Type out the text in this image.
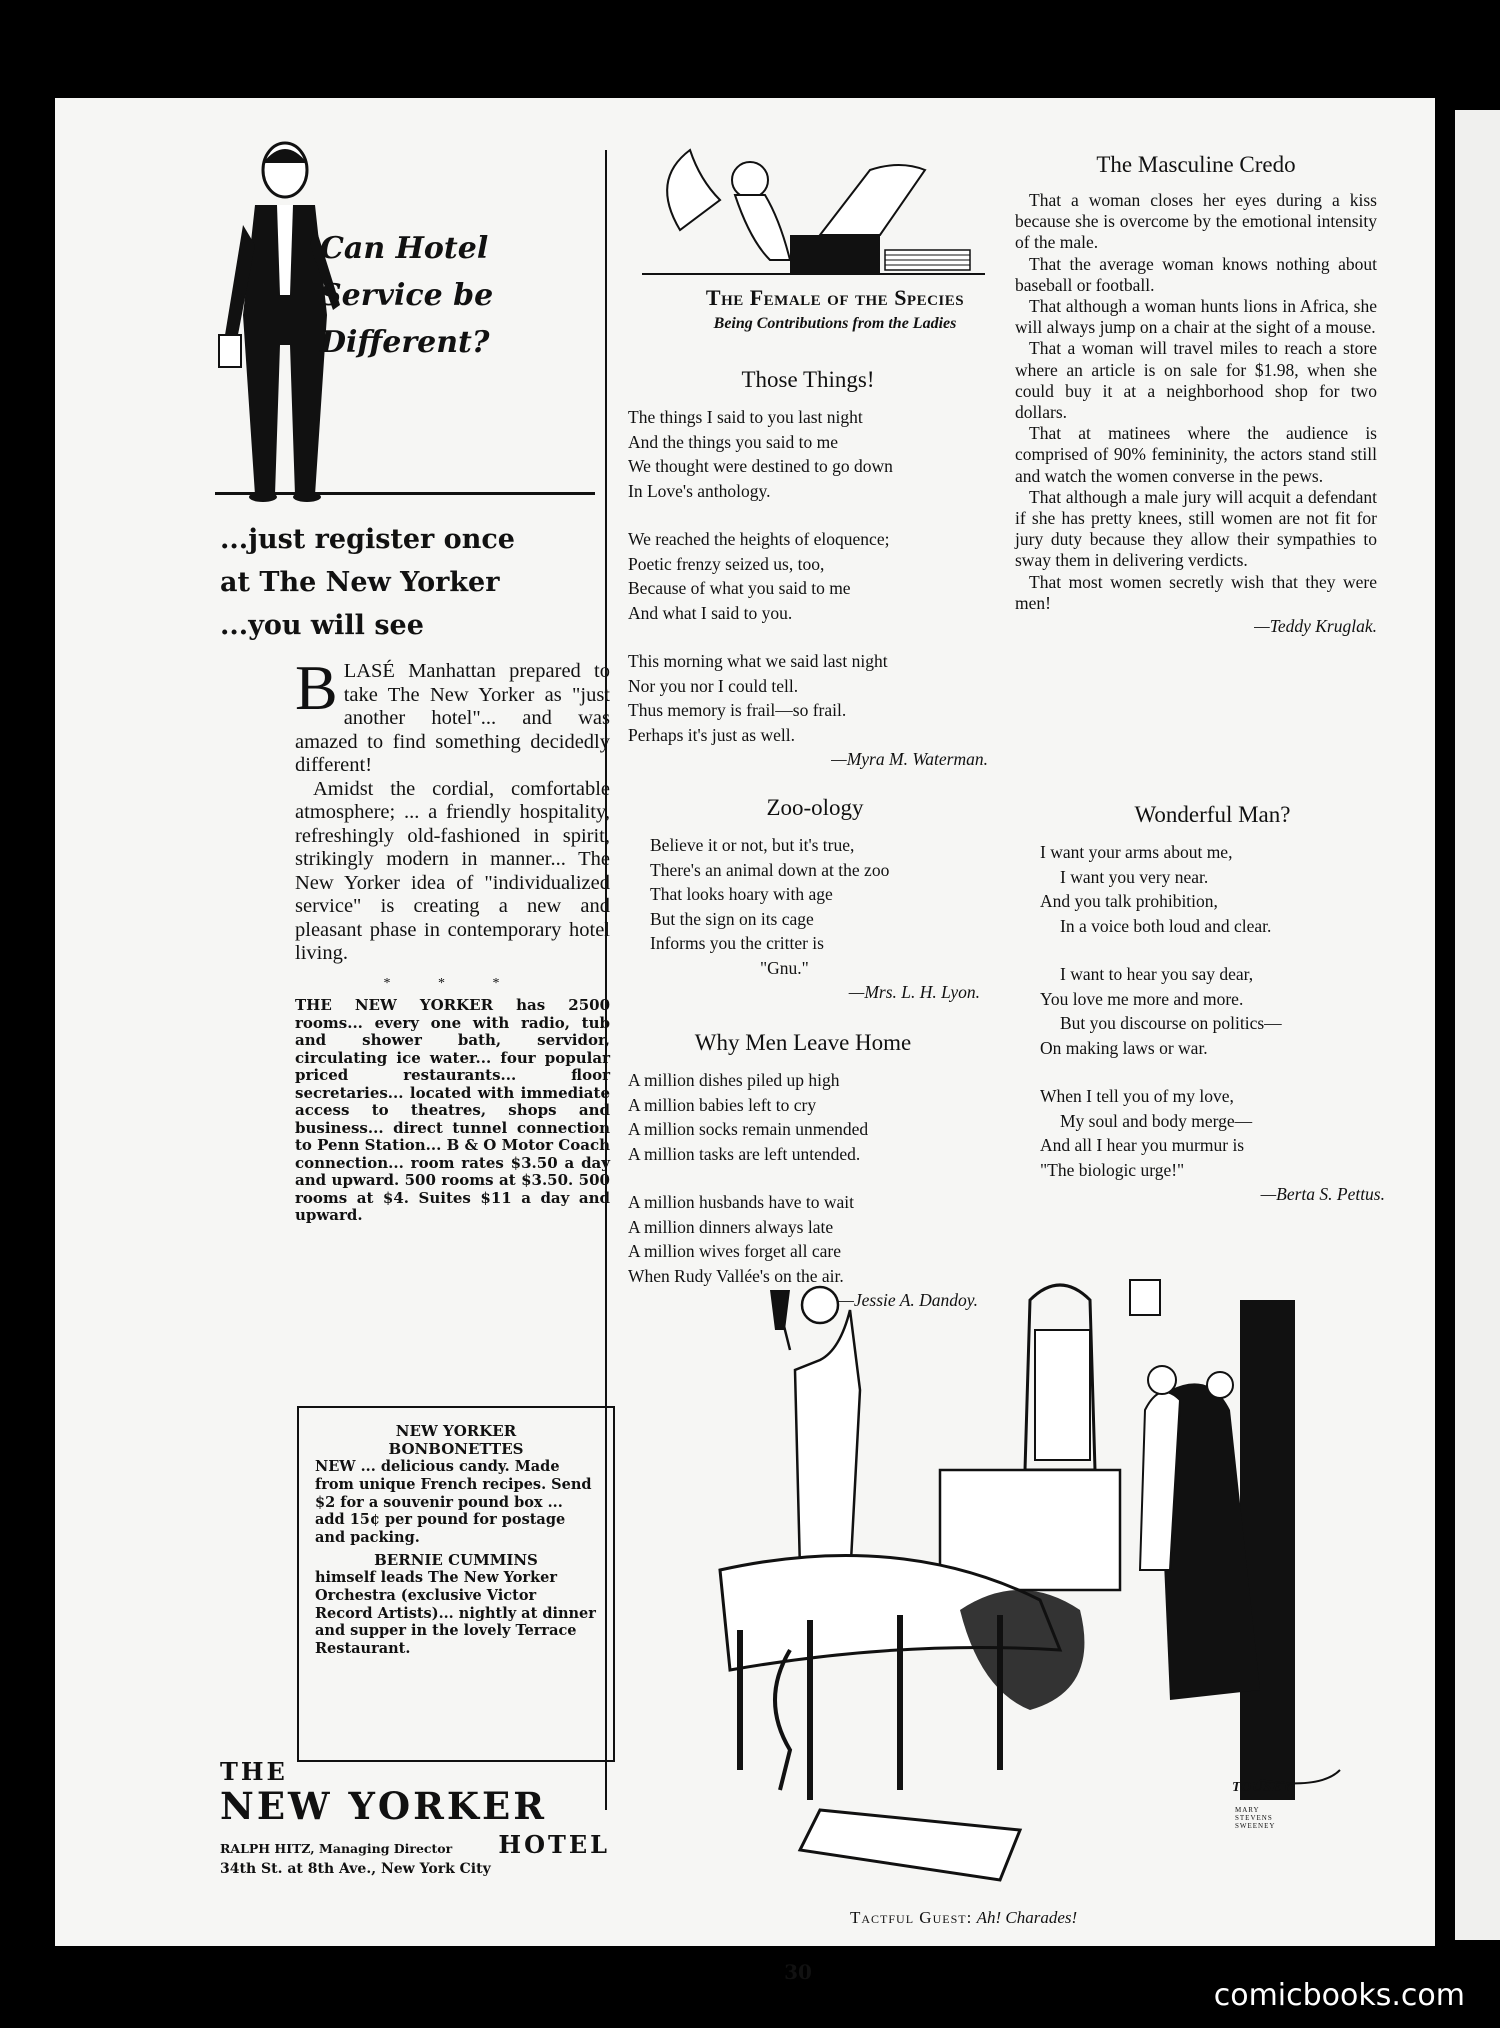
Can Hotel
Service be
Different?
...just register once
at The New Yorker
...you will see

BLASÉ Manhattan prepared to take The New Yorker as "just another hotel"... and was amazed to find something decidedly different!

Amidst the cordial, comfortable atmosphere; ... a friendly hospitality, refreshingly old-fashioned in spirit, strikingly modern in manner... The New Yorker idea of "individualized service" is creating a new and pleasant phase in contemporary hotel living.

* * *

THE NEW YORKER has 2500 rooms... every one with radio, tub and shower bath, servidor, circulating ice water... four popular priced restaurants... floor secretaries... located with immediate access to theatres, shops and business... direct tunnel connection to Penn Station... B & O Motor Coach connection... room rates $3.50 a day and upward. 500 rooms at $3.50. 500 rooms at $4. Suites $11 a day and upward.

NEW YORKER
BONBONETTES
NEW ... delicious candy. Made from unique French recipes. Send $2 for a souvenir pound box ... add 15¢ per pound for postage and packing.
BERNIE CUMMINS
himself leads The New Yorker Orchestra (exclusive Victor Record Artists)... nightly at dinner and supper in the lovely Terrace Restaurant.
THE
NEW YORKER
RALPH HITZ, Managing Director HOTEL
34th St. at 8th Ave., New York City
The Female of the Species
Being Contributions from the Ladies
Those Things!
The things I said to you last night
And the things you said to me
We thought were destined to go down
In Love's anthology.
We reached the heights of eloquence;
Poetic frenzy seized us, too,
Because of what you said to me
And what I said to you.
This morning what we said last night
Nor you nor I could tell.
Thus memory is frail—so frail.
Perhaps it's just as well.
—Myra M. Waterman.
Zoo-ology
Believe it or not, but it's true,
There's an animal down at the zoo
That looks hoary with age
But the sign on its cage
Informs you the critter is
"Gnu."
—Mrs. L. H. Lyon.
Why Men Leave Home
A million dishes piled up high
A million babies left to cry
A million socks remain unmended
A million tasks are left untended.
A million husbands have to wait
A million dinners always late
A million wives forget all care
When Rudy Vallée's on the air.
—Jessie A. Dandoy.
The Masculine Credo

That a woman closes her eyes during a kiss because she is overcome by the emotional intensity of the male.

That the average woman knows nothing about baseball or football.

That although a woman hunts lions in Africa, she will always jump on a chair at the sight of a mouse.

That a woman will travel miles to reach a store where an article is on sale for $1.98, when she could buy it at a neighborhood shop for two dollars.

That at matinees where the audience is comprised of 90% femininity, the actors stand still and watch the women converse in the pews.

That although a male jury will acquit a defendant if she has pretty knees, still women are not fit for jury duty because they allow their sympathies to sway them in delivering verdicts.

That most women secretly wish that they were men!

—Teddy Kruglak.
Wonderful Man?
I want your arms about me,
I want you very near.
And you talk prohibition,
In a voice both loud and clear.
I want to hear you say dear,
You love me more and more.
But you discourse on politics—
On making laws or war.
When I tell you of my love,
My soul and body merge—
And all I hear you murmur is
"The biologic urge!"
—Berta S. Pettus.
TOUSEY
MARY STEVENS SWEENEY
Tactful Guest: Ah! Charades!
30
comicbooks.com
